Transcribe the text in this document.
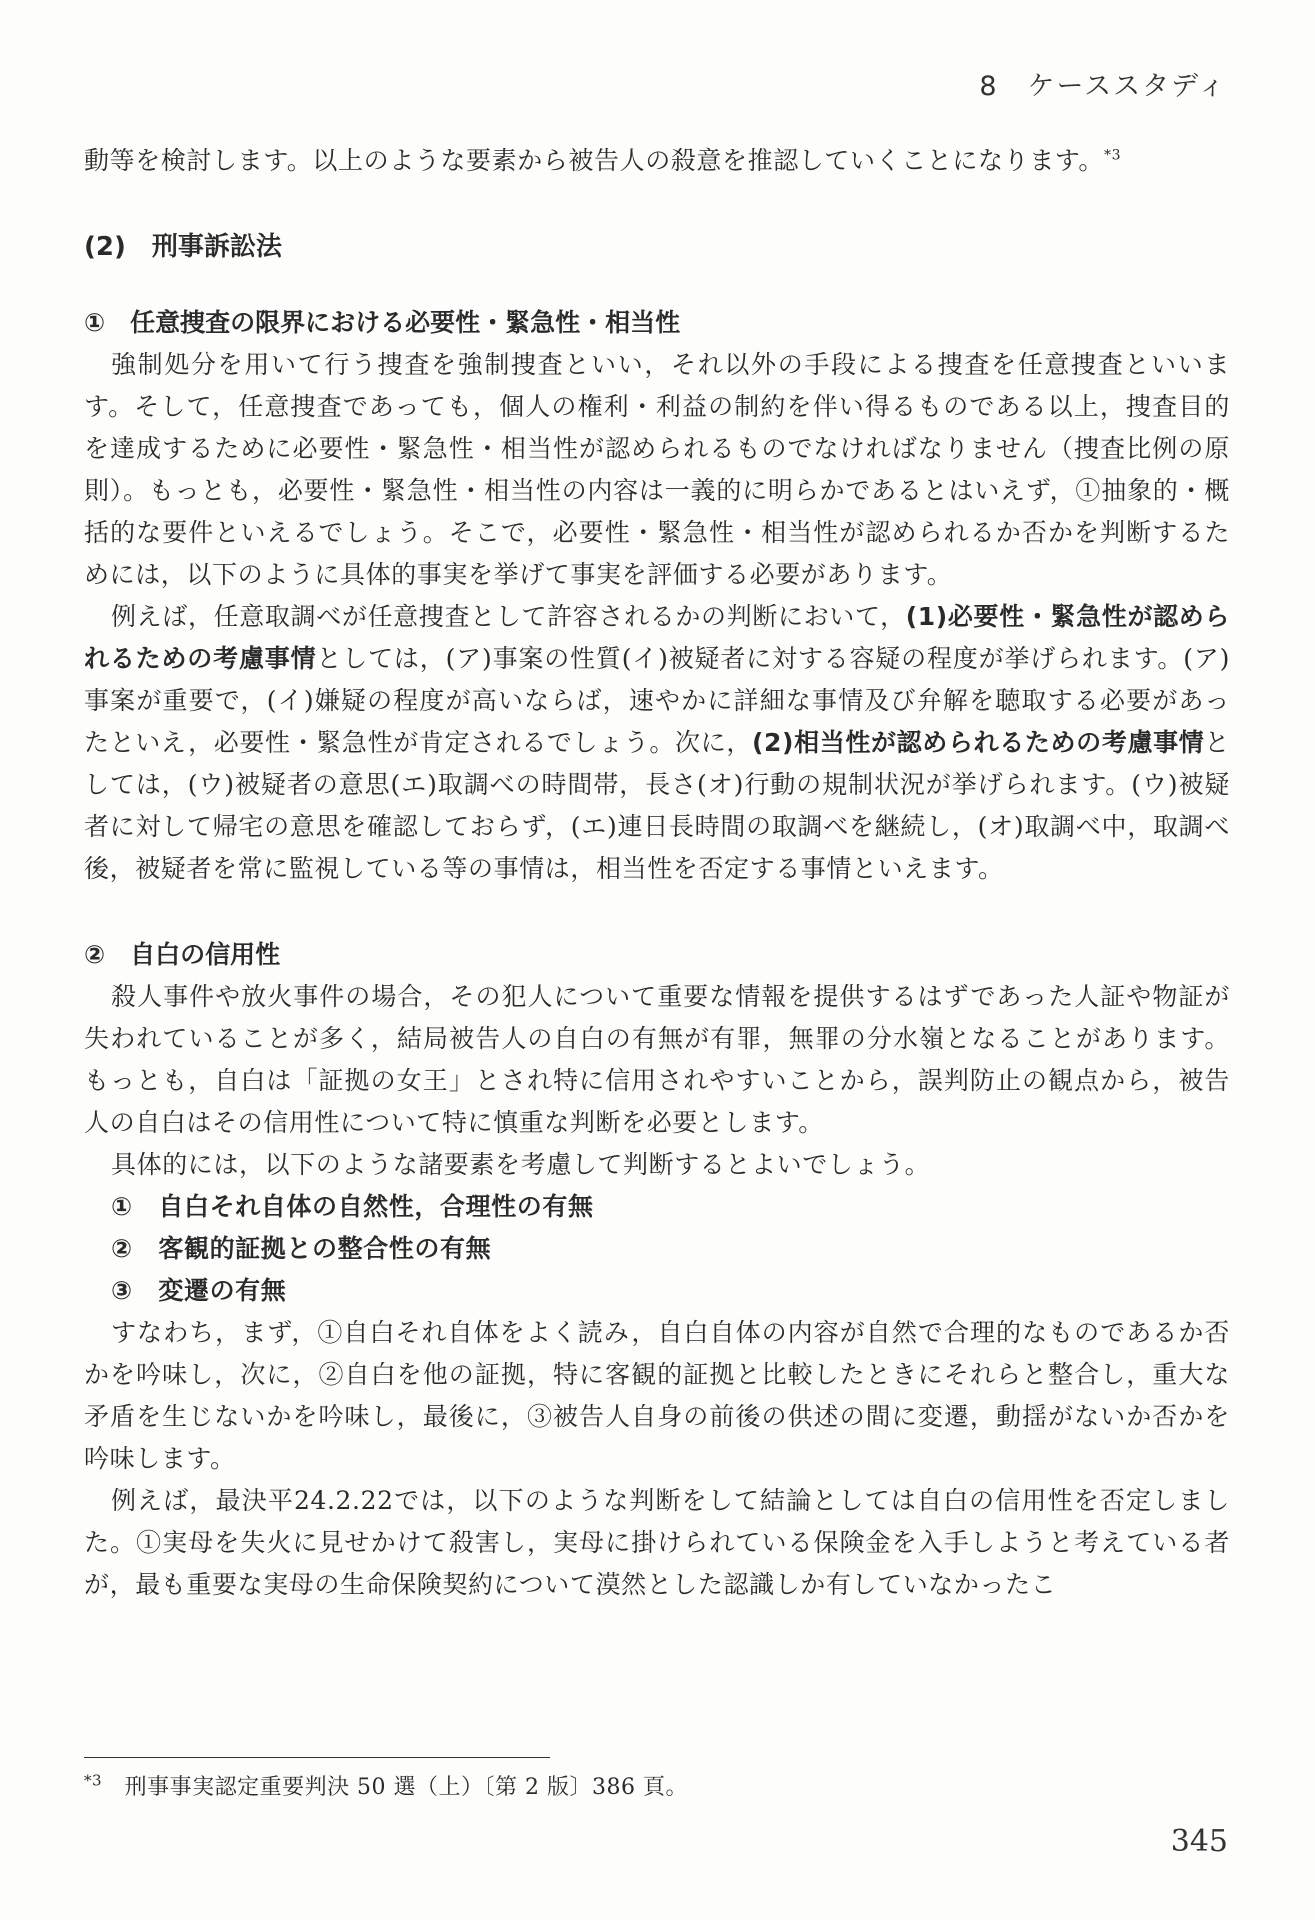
8　ケーススタディ

動等を検討します。以上のような要素から被告人の殺意を推認していくことになります。$^{*3}$

(2)　刑事訴訟法
①　任意捜査の限界における必要性・緊急性・相当性

強制処分を用いて行う捜査を強制捜査といい，それ以外の手段による捜査を任意捜査といいます。そして，任意捜査であっても，個人の権利・利益の制約を伴い得るものである以上，捜査目的を達成するために必要性・緊急性・相当性が認められるものでなければなりません（捜査比例の原則）。もっとも，必要性・緊急性・相当性の内容は一義的に明らかであるとはいえず，①抽象的・概括的な要件といえるでしょう。そこで，必要性・緊急性・相当性が認められるか否かを判断するためには，以下のように具体的事実を挙げて事実を評価する必要があります。

例えば，任意取調べが任意捜査として許容されるかの判断において，(1)必要性・緊急性が認められるための考慮事情としては，(ア)事案の性質(イ)被疑者に対する容疑の程度が挙げられます。(ア)事案が重要で，(イ)嫌疑の程度が高いならば，速やかに詳細な事情及び弁解を聴取する必要があったといえ，必要性・緊急性が肯定されるでしょう。次に，(2)相当性が認められるための考慮事情としては，(ウ)被疑者の意思(エ)取調べの時間帯，長さ(オ)行動の規制状況が挙げられます。(ウ)被疑者に対して帰宅の意思を確認しておらず，(エ)連日長時間の取調べを継続し，(オ)取調べ中，取調べ後，被疑者を常に監視している等の事情は，相当性を否定する事情といえます。

②　自白の信用性

殺人事件や放火事件の場合，その犯人について重要な情報を提供するはずであった人証や物証が失われていることが多く，結局被告人の自白の有無が有罪，無罪の分水嶺となることがあります。もっとも，自白は「証拠の女王」とされ特に信用されやすいことから，誤判防止の観点から，被告人の自白はその信用性について特に慎重な判断を必要とします。

具体的には，以下のような諸要素を考慮して判断するとよいでしょう。

①　自白それ自体の自然性，合理性の有無

②　客観的証拠との整合性の有無

③　変遷の有無

すなわち，まず，①自白それ自体をよく読み，自白自体の内容が自然で合理的なものであるか否かを吟味し，次に，②自白を他の証拠，特に客観的証拠と比較したときにそれらと整合し，重大な矛盾を生じないかを吟味し，最後に，③被告人自身の前後の供述の間に変遷，動揺がないか否かを吟味します。

例えば，最決平24.2.22では，以下のような判断をして結論としては自白の信用性を否定しました。①実母を失火に見せかけて殺害し，実母に掛けられている保険金を入手しようと考えている者が，最も重要な実母の生命保険契約について漠然とした認識しか有していなかったこ

$^{*3}$　 刑事事実認定重要判決 50 選（上）〔第 2 版〕386 頁。
345
